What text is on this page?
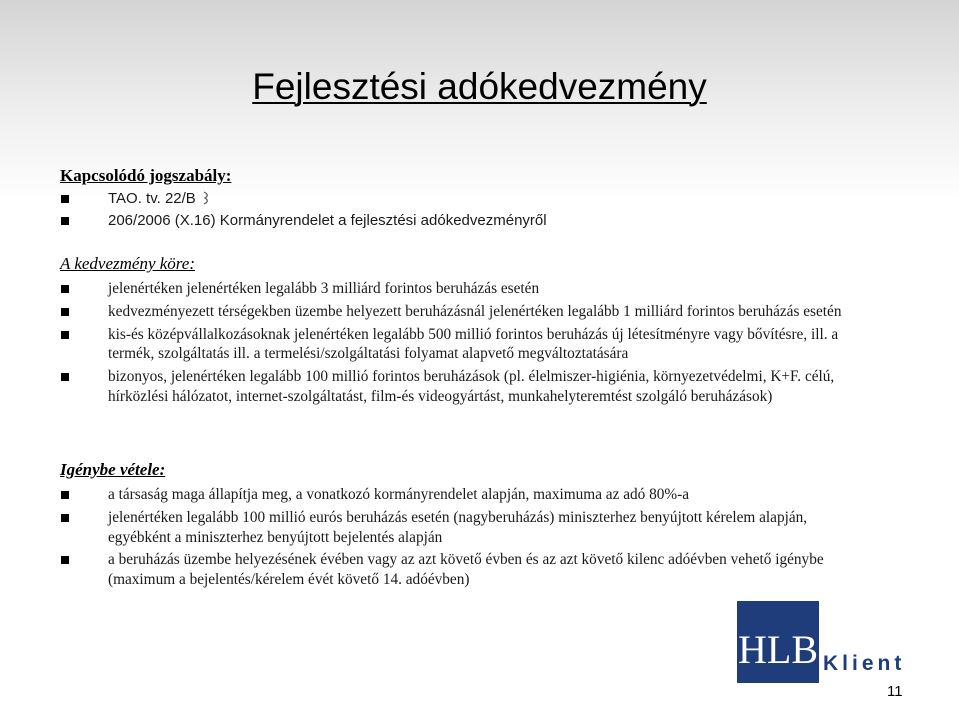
Fejlesztési adókedvezmény

Kapcsolódó jogszabály:

TAO. tv. 22/B
206/2006 (X.16) Kormányrendelet a fejlesztési adókedvezményről

A kedvezmény köre:

jelenértéken jelenértéken legalább 3 milliárd forintos beruházás esetén
kedvezményezett térségekben üzembe helyezett beruházásnál jelenértéken legalább 1 milliárd forintos beruházás esetén
kis-és középvállalkozásoknak jelenértéken legalább 500 millió forintos beruházás új létesítményre vagy bővítésre, ill. a termék, szolgáltatás ill. a termelési/szolgáltatási folyamat alapvető megváltoztatására
bizonyos, jelenértéken legalább 100 millió forintos beruházások (pl. élelmiszer-higiénia, környezetvédelmi, K+F. célú, hírközlési hálózatot, internet-szolgáltatást, film-és videogyártást, munkahelyteremtést szolgáló beruházások)

Igénybe vétele:

a társaság maga állapítja meg, a vonatkozó kormányrendelet alapján, maximuma az adó 80%-a
jelenértéken legalább 100 millió eurós beruházás esetén (nagyberuházás) miniszterhez benyújtott kérelem alapján, egyébként a miniszterhez benyújtott bejelentés alapján
a beruházás üzembe helyezésének évében vagy az azt követő évben és az azt követő kilenc adóévben vehető igénybe (maximum a bejelentés/kérelem évét követő 14. adóévben)
HLB Klient
11
